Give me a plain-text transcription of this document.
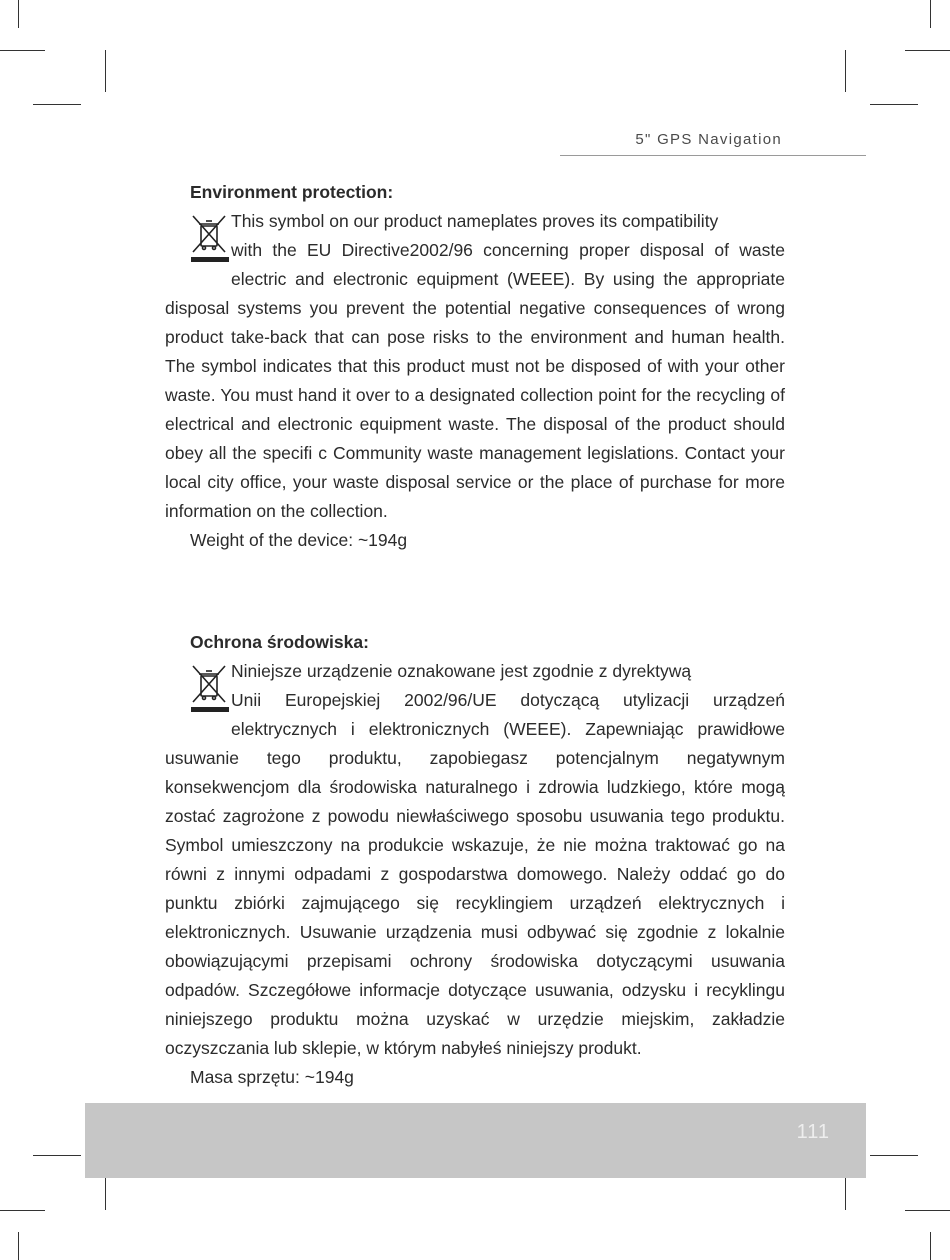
5" GPS Navigation
Environment protection:

This symbol on our product nameplates proves its compatibility

with the EU Directive2002/96 concerning proper disposal of waste electric and electronic equipment (WEEE). By using the appropriate disposal systems you prevent the potential negative consequences of wrong product take-back that can pose risks to the environment and human health. The symbol indicates that this product must not be disposed of with your other waste. You must hand it over to a designated collection point for the recycling of electrical and electronic equipment waste. The disposal of the product should obey all the specifi c Community waste management legislations. Contact your local city office, your waste disposal service or the place of purchase for more information on the collection.

Weight of the device: ~194g

Ochrona środowiska:

Niniejsze urządzenie oznakowane jest zgodnie z dyrektywą

Unii Europejskiej 2002/96/UE dotyczącą utylizacji urządzeń elektrycznych i elektronicznych (WEEE). Zapewniając prawidłowe usuwanie tego produktu, zapobiegasz potencjalnym negatywnym konsekwencjom dla środowiska naturalnego i zdrowia ludzkiego, które mogą zostać zagrożone z powodu niewłaściwego sposobu usuwania tego produktu. Symbol umieszczony na produkcie wskazuje, że nie można traktować go na równi z innymi odpadami z gospodarstwa domowego. Należy oddać go do punktu zbiórki zajmującego się recyklingiem urządzeń elektrycznych i elektronicznych. Usuwanie urządzenia musi odbywać się zgodnie z lokalnie obowiązującymi przepisami ochrony środowiska dotyczącymi usuwania odpadów. Szczegółowe informacje dotyczące usuwania, odzysku i recyklingu niniejszego produktu można uzyskać w urzędzie miejskim, zakładzie oczyszczania lub sklepie, w którym nabyłeś niniejszy produkt.

Masa sprzętu: ~194g

111
